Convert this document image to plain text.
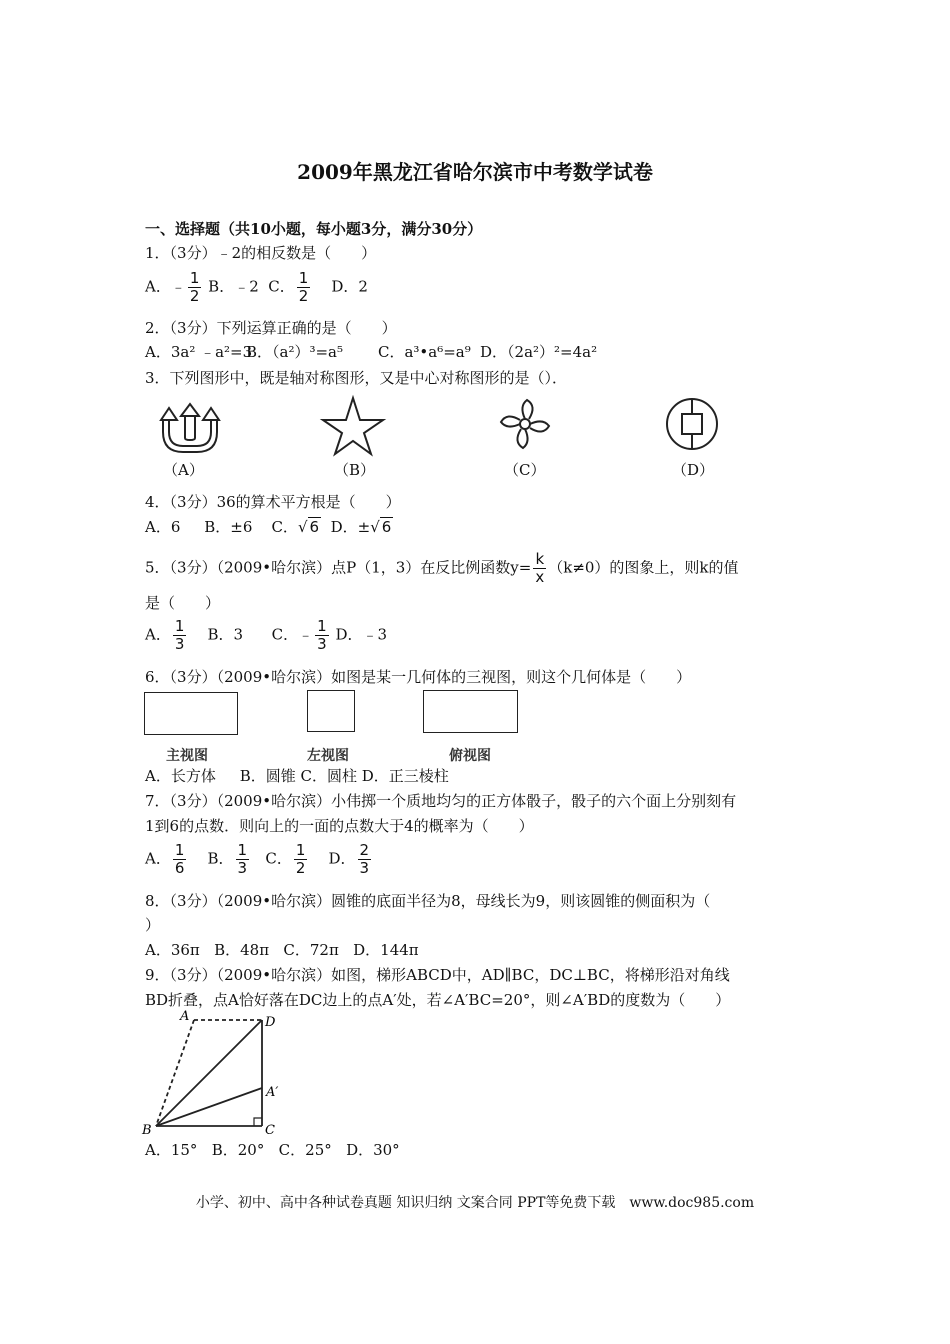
2009年黑龙江省哈尔滨市中考数学试卷
一、选择题（共10小题，每小题3分，满分30分）
1．（3分）﹣2的相反数是（　　）
A．﹣ $\frac{1}{2}$ B．﹣2 C． $\frac{1}{2}$ D．2
2．（3分）下列运算正确的是（　　）
A．3a² ﹣a²=3
B．（a²）³=a⁵ C．a³•a⁶=a⁹ D．（2a²）²=4a²
3．下列图形中，既是轴对称图形，又是中心对称图形的是（）．
（A）	（B）	（C）	（D）
4．（3分）36的算术平方根是（　　）
A．6 B．±6 C．√ 6 D．±√ 6
5．（3分）（2009•哈尔滨）点P（1，3）在反比例函数$y= \frac{k}{x} (k\ne 0)$的图象上，则k的值
是（　　）
A． $\frac{1}{3}$ B．3 C．﹣ $\frac{1}{3}$ D．﹣3
6．（3分）（2009•哈尔滨）如图是某一几何体的三视图，则这个几何体是（　　）
主视图	左视图	俯视图
A．长方体 B．圆锥 C．圆柱 D．正三棱柱
7．（3分）（2009•哈尔滨）小伟掷一个质地均匀的正方体骰子，骰子的六个面上分别刻有
1到6的点数．则向上的一面的点数大于4的概率为（　　）
A． $\frac{1}{6}$ B． $\frac{1}{3}$ C． $\frac{1}{2}$ D． $\frac{2}{3}$
8．（3分）（2009•哈尔滨）圆锥的底面半径为8，母线长为9，则该圆锥的侧面积为（
）
A．36π B．48π C．72π D．144π
9．（3分）（2009•哈尔滨）如图，梯形ABCD中，AD∥BC，DC⊥BC，将梯形沿对角线
BD折叠，点A恰好落在DC边上的点A′处，若∠A′BC=20°，则∠A′BD的度数为（　　）
A	D
A′
B	C
A．15° B．20° C．25° D．30°
小学、初中、高中各种试卷真题 知识归纳 文案合同 PPT等免费下载　www.doc985.com
